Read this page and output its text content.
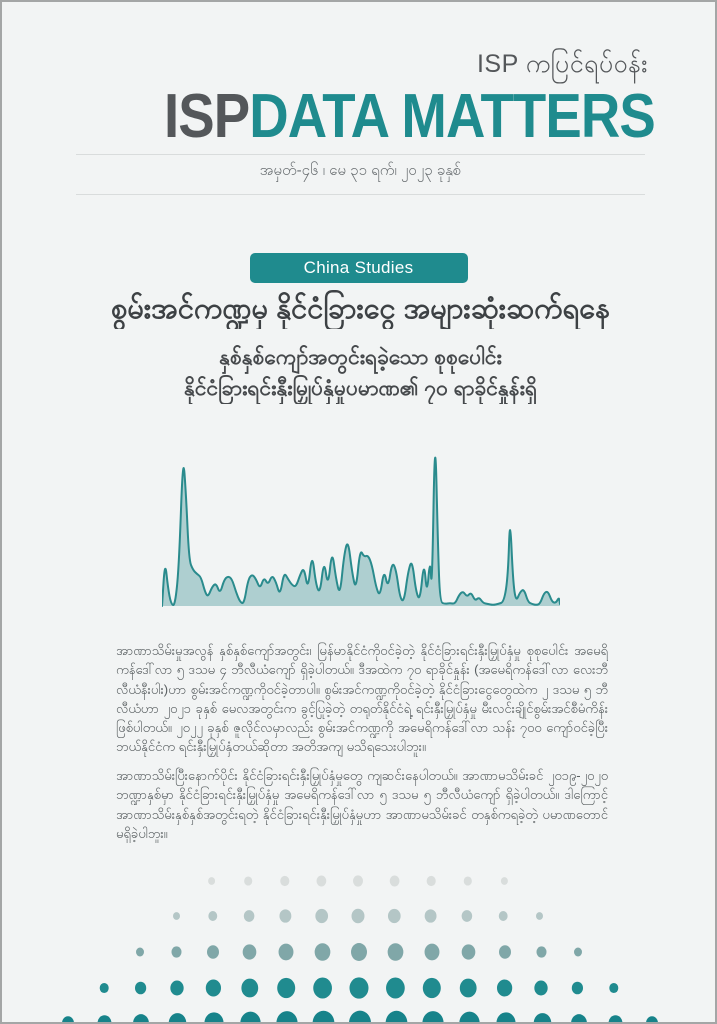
ISP ကပြင်ရပ်ဝန်း
ISPDATA MATTERS
အမှတ်-၄၆ ၊ မေ ၃၁ ရက်၊ ၂၀၂၃ ခုနှစ်
China Studies
စွမ်းအင်ကဏ္ဍမှ နိုင်ငံခြားငွေ အများဆုံးဆက်ရနေ
နှစ်နှစ်ကျော်အတွင်းရခဲ့သော စုစုပေါင်း
နိုင်ငံခြားရင်းနှီးမြှုပ်နှံမှုပမာဏ၏ ၇၀ ရာခိုင်နှုန်းရှိ

အာဏာသိမ်းမှုအလွန် နှစ်နှစ်ကျော်အတွင်း၊ မြန်မာနိုင်ငံကိုဝင်ခဲ့တဲ့ နိုင်ငံခြားရင်းနှီးမြှုပ်နှံမှု စုစုပေါင်း အမေရိကန်ဒေါ်လာ ၅ ဒသမ ၄ ဘီလီယံကျော် ရှိခဲ့ပါတယ်။ ဒီအထဲက ၇၀ ရာခိုင်နှုန်း (အမေရိကန်ဒေါ်လာ လေးဘီလီယံနီးပါး)ဟာ စွမ်းအင်ကဏ္ဍကိုဝင်ခဲ့တာပါ။ စွမ်းအင်ကဏ္ဍကိုဝင်ခဲ့တဲ့ နိုင်ငံခြားငွေတွေထဲက ၂ ဒသမ ၅ ဘီလီယံဟာ ၂၀၂၁ ခုနှစ် မေလအတွင်းက ခွင့်ပြုခဲ့တဲ့ တရုတ်နိုင်ငံရဲ့ ရင်းနှီးမြှုပ်နှံမှု မီးလင်းချိုင်စွမ်းအင်စီမံကိန်း ဖြစ်ပါတယ်။ ၂၀၂၂ ခုနှစ် ဇူလိုင်လမှာလည်း စွမ်းအင်ကဏ္ဍကို အမေရိကန်ဒေါ်လာ သန်း ၇၀၀ ကျော်ဝင်ခဲ့ပြီး ဘယ်နိုင်ငံက ရင်းနှီးမြှုပ်နှံတယ်ဆိုတာ အတိအကျ မသိရသေးပါဘူး။

အာဏာသိမ်းပြီးနောက်ပိုင်း နိုင်ငံခြားရင်းနှီးမြှုပ်နှံမှုတွေ ကျဆင်းနေပါတယ်။ အာဏာမသိမ်းခင် ၂၀၁၉-၂၀၂၀ ဘဏ္ဍာနှစ်မှာ နိုင်ငံခြားရင်းနှီးမြှုပ်နှံမှု အမေရိကန်ဒေါ်လာ ၅ ဒသမ ၅ ဘီလီယံကျော် ရှိခဲ့ပါတယ်။ ဒါကြောင့် အာဏာသိမ်းနှစ်နှစ်အတွင်းရတဲ့ နိုင်ငံခြားရင်းနှီးမြှုပ်နှံမှုဟာ အာဏာမသိမ်းခင် တနှစ်ကရခဲ့တဲ့ ပမာဏတောင် မရှိခဲ့ပါဘူး။
